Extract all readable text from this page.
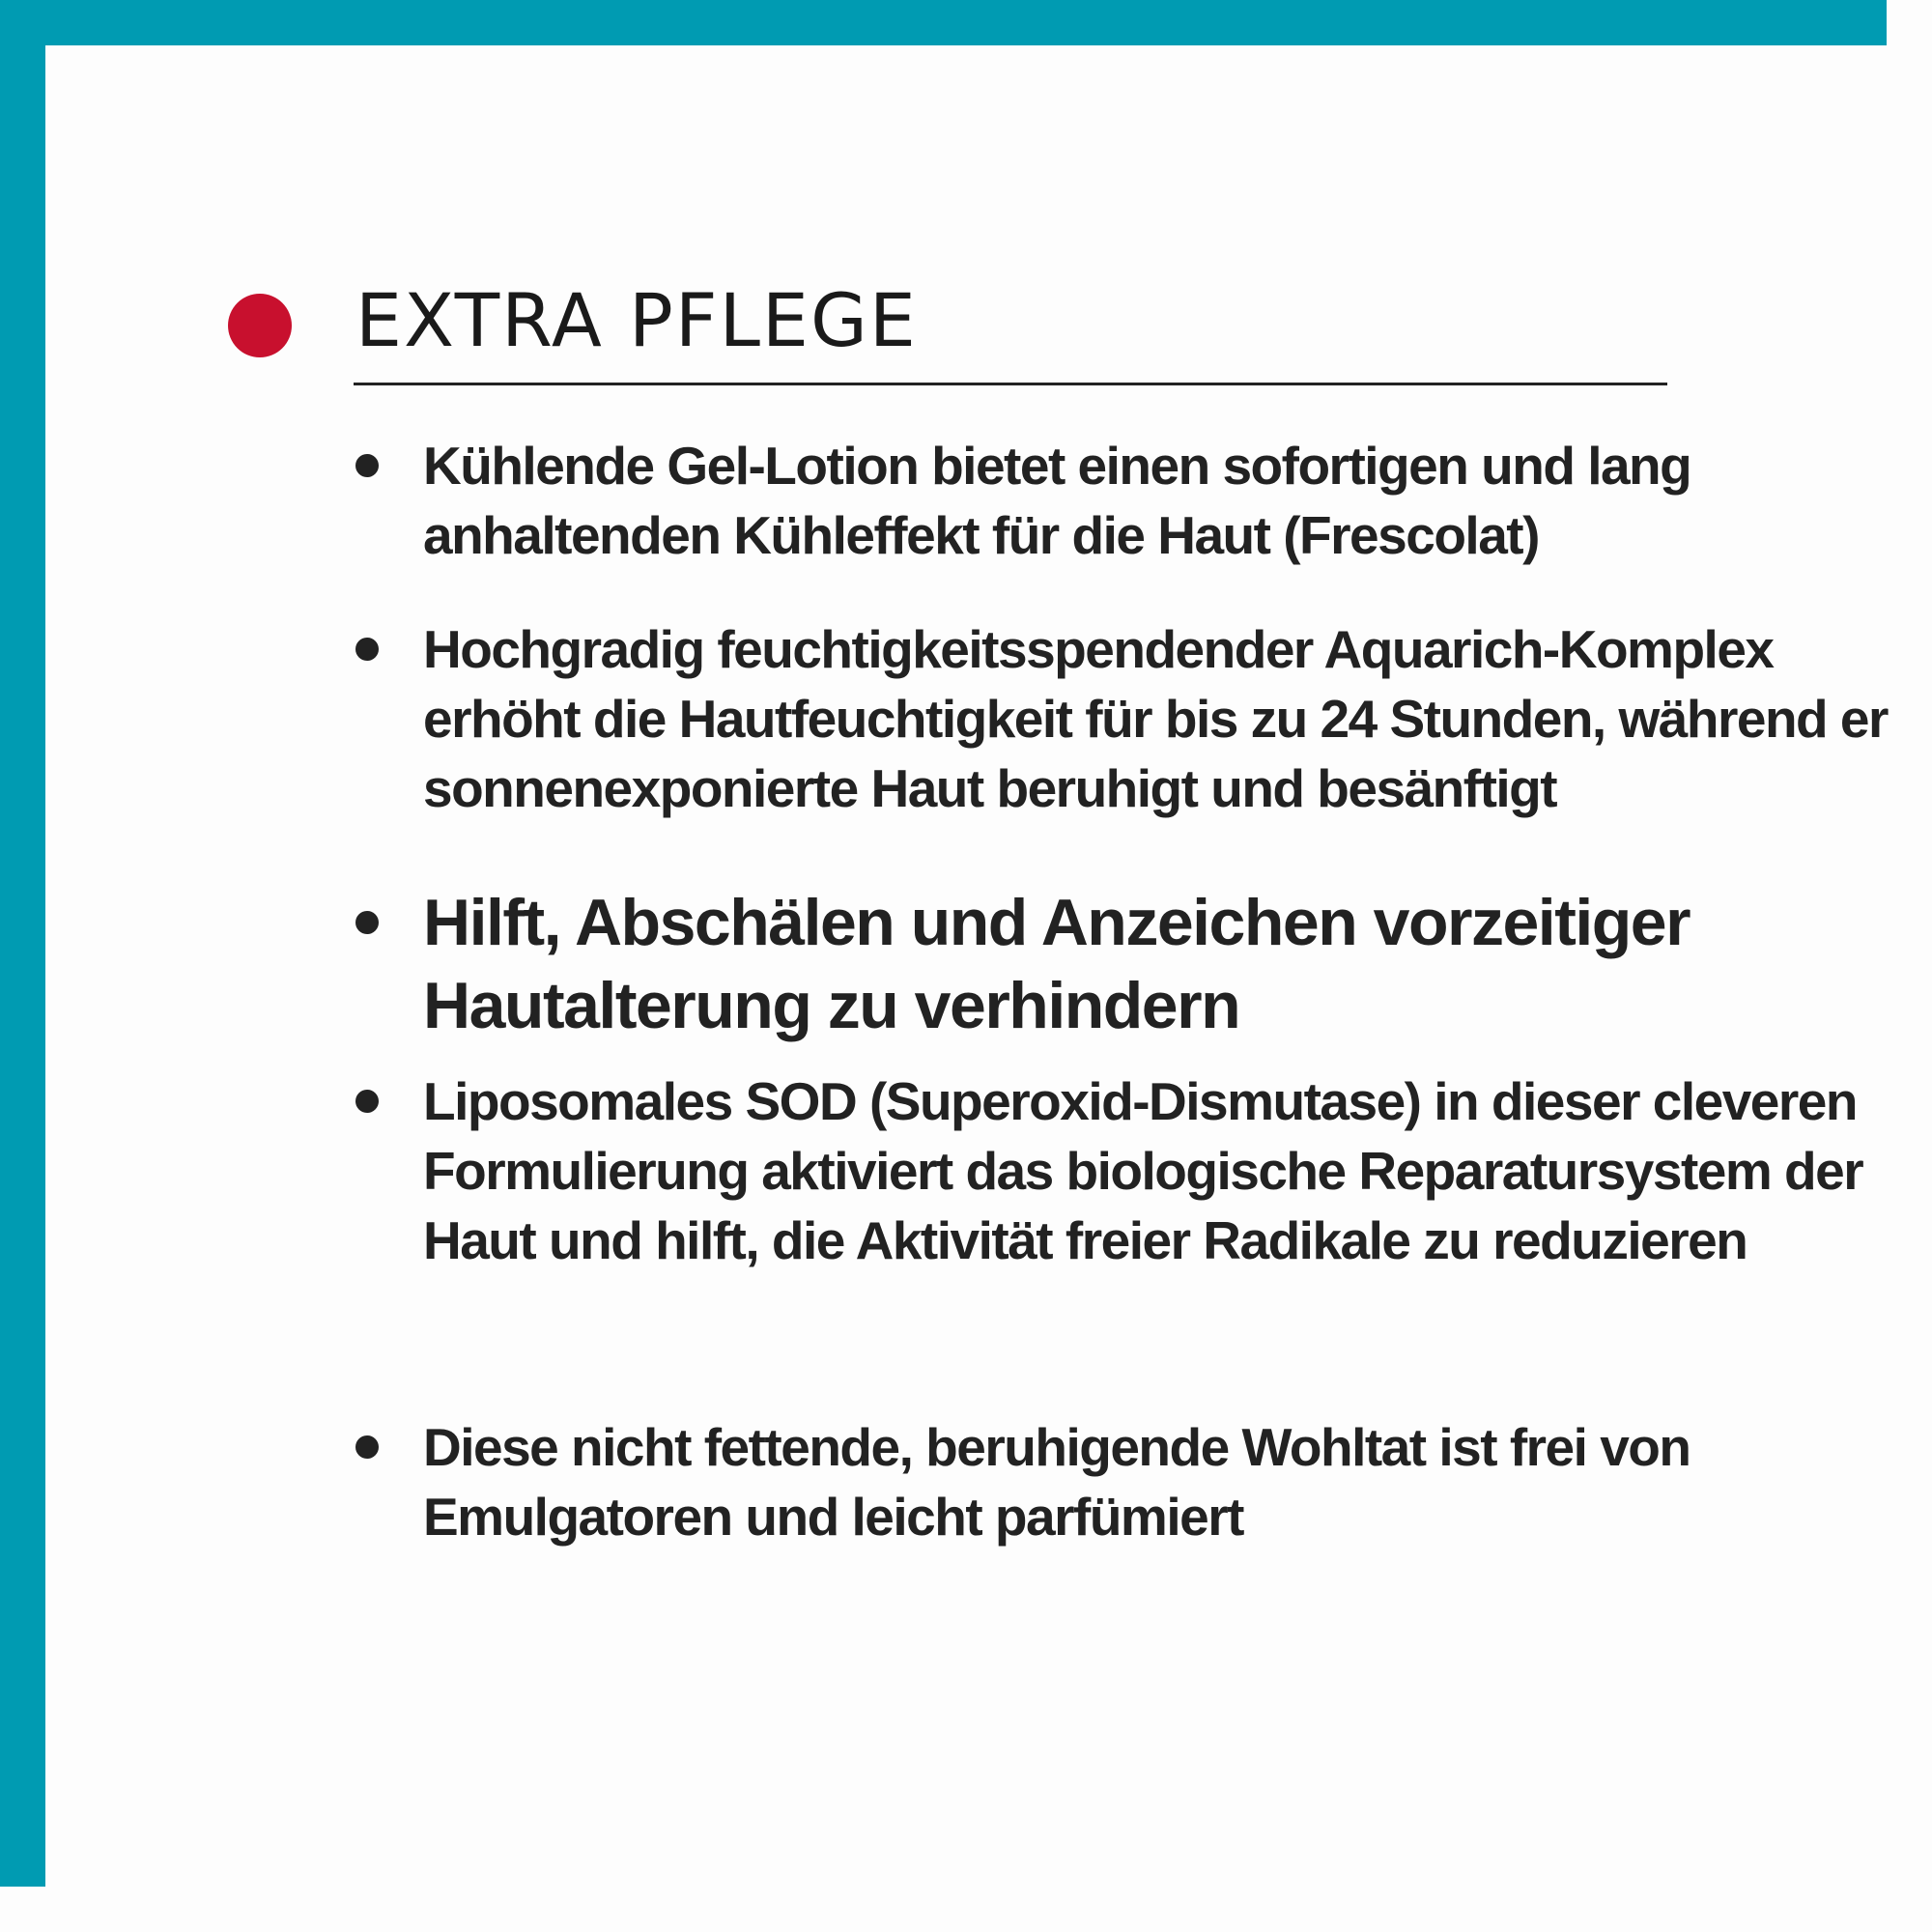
EXTRA PFLEGE
Kühlende Gel-Lotion bietet einen sofortigen und lang anhaltenden Kühleffekt für die Haut (Frescolat)
Hochgradig feuchtigkeitsspendender Aquarich-Komplex erhöht die Hautfeuchtigkeit für bis zu 24 Stunden, während er sonnenexponierte Haut beruhigt und besänftigt
Hilft, Abschälen und Anzeichen vorzeitiger Hautalterung zu verhindern
Liposomales SOD (Superoxid-Dismutase) in dieser cleveren Formulierung aktiviert das biologische Reparatursystem der Haut und hilft, die Aktivität freier Radikale zu reduzieren
Diese nicht fettende, beruhigende Wohltat ist frei von Emulgatoren und leicht parfümiert
